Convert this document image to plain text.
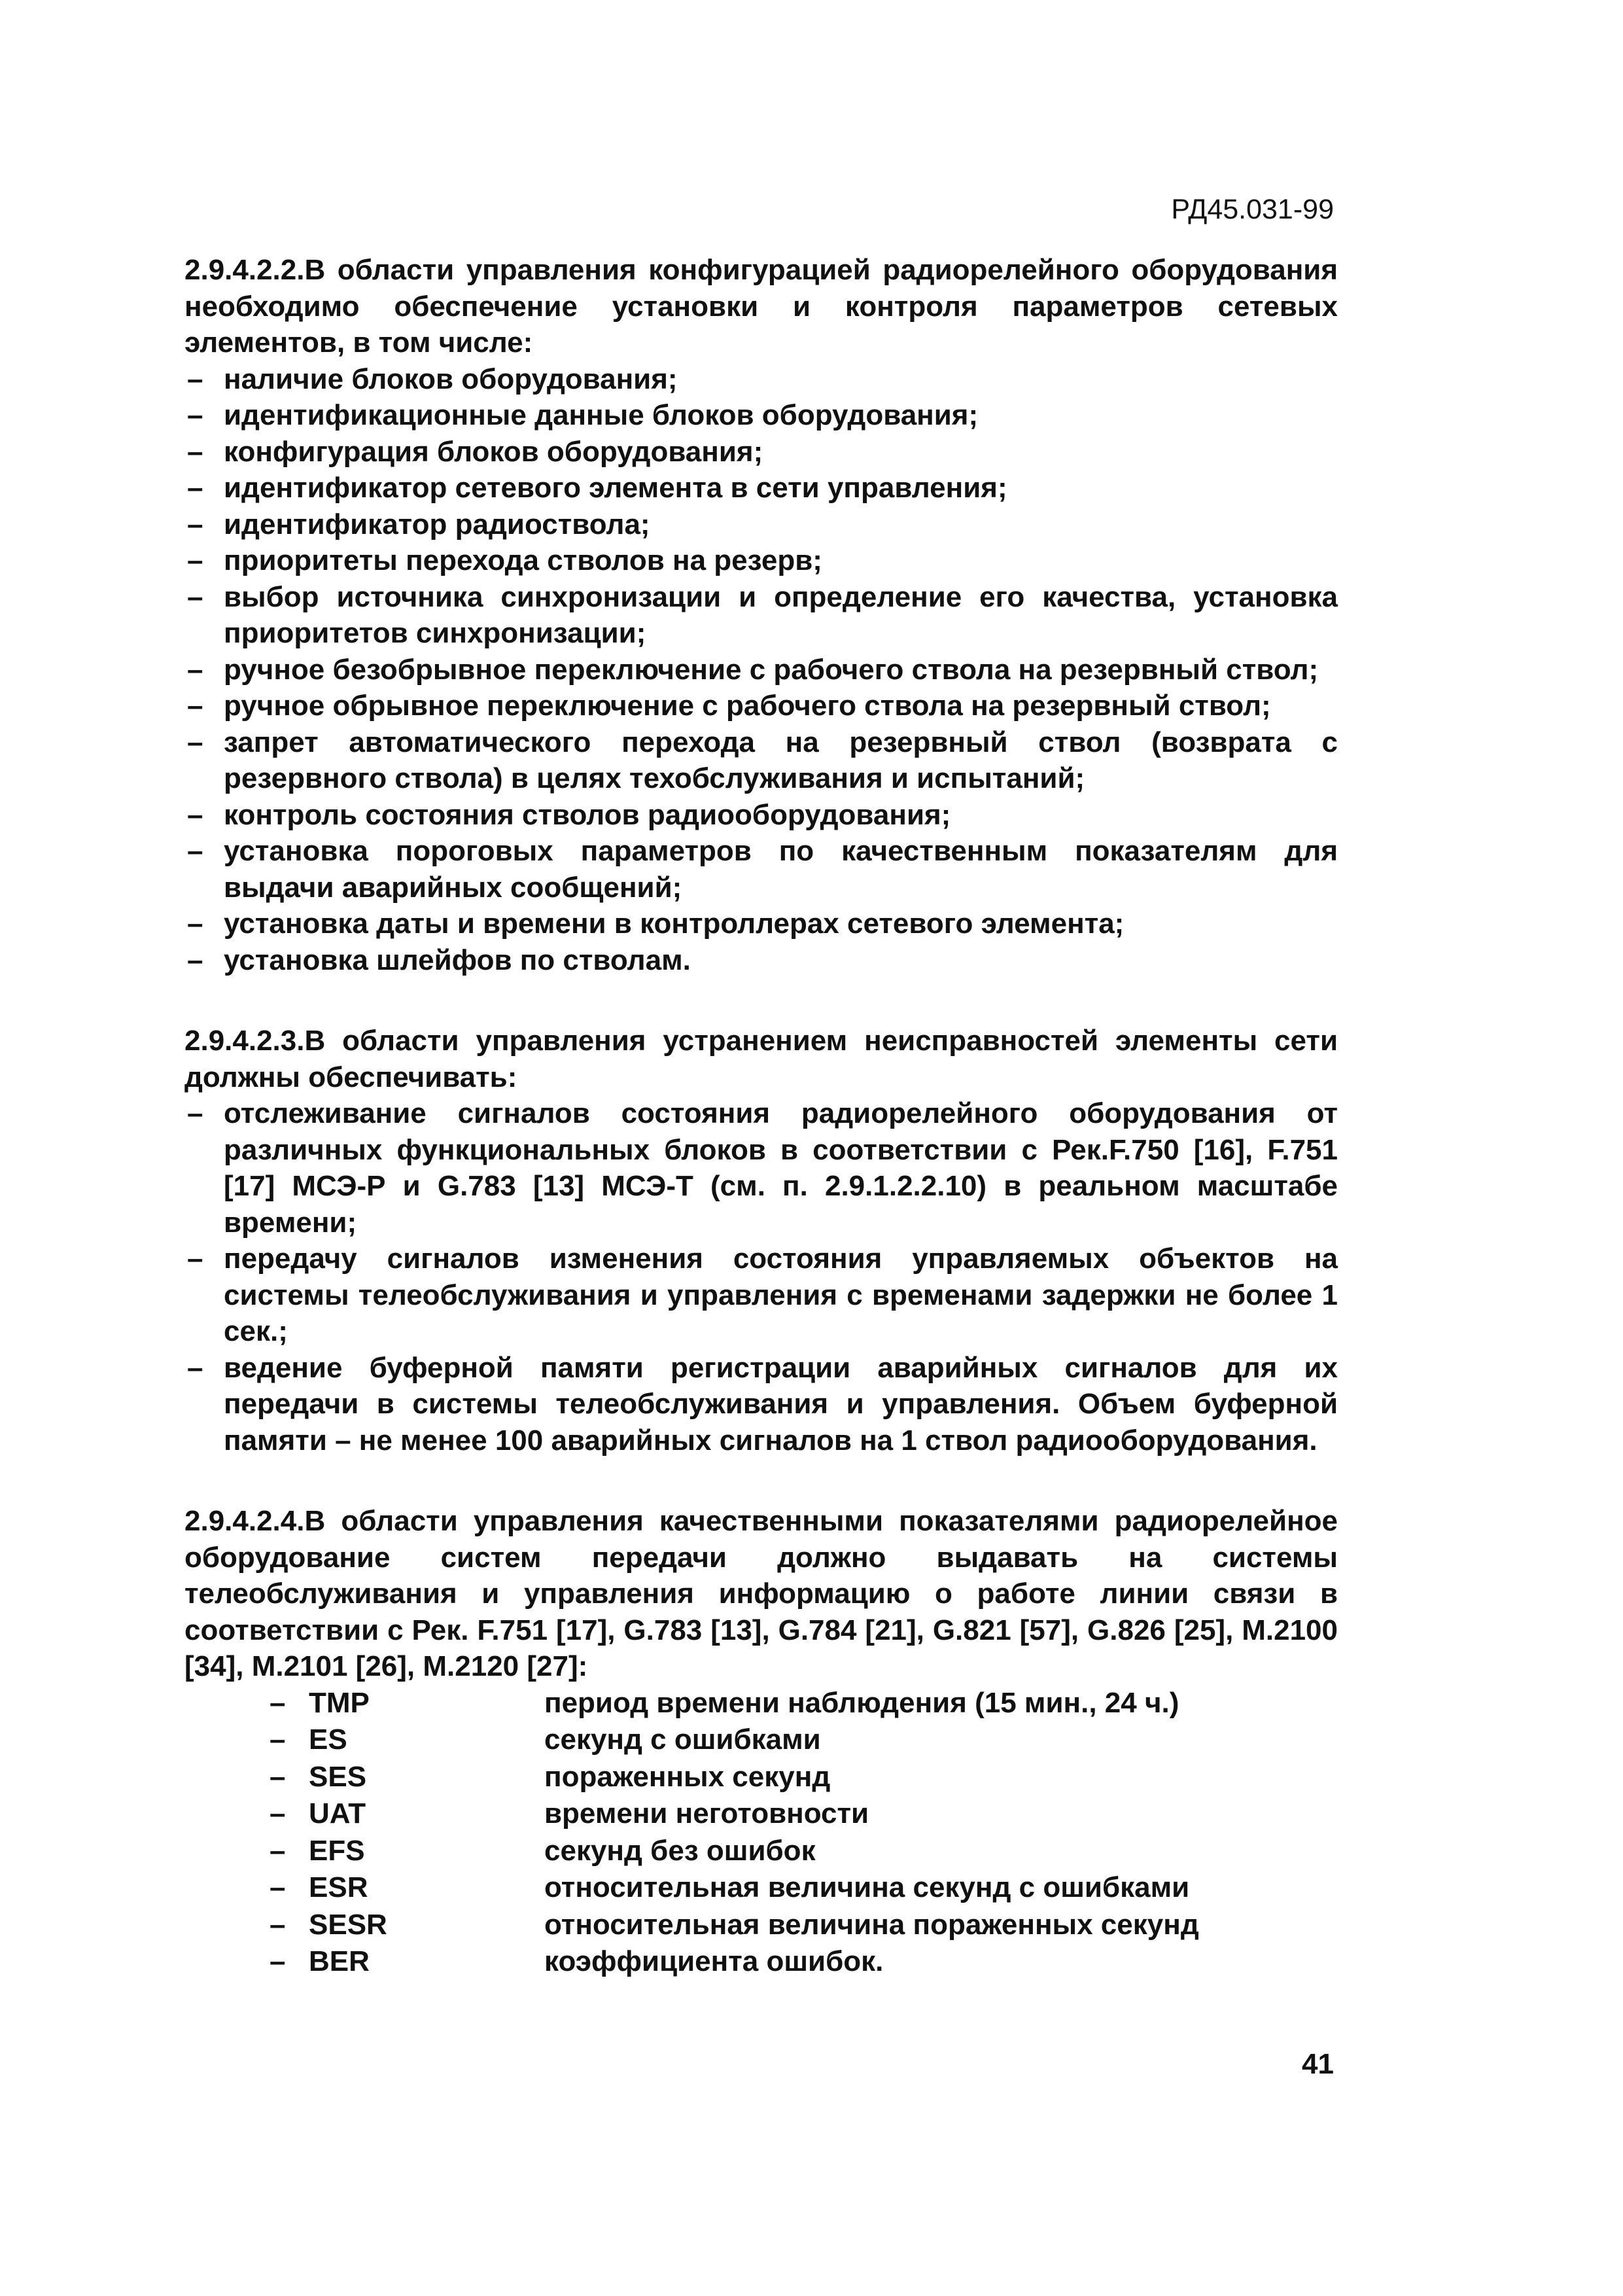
РД45.031-99

2.9.4.2.2.В области управления конфигурацией радиорелейного оборудования необходимо обеспечение установки и контроля параметров сетевых элементов, в том числе:

– наличие блоков оборудования;
– идентификационные данные блоков оборудования;
– конфигурация блоков оборудования;
– идентификатор сетевого элемента в сети управления;
– идентификатор радиоствола;
– приоритеты перехода стволов на резерв;
– выбор источника синхронизации и определение его качества, установка приоритетов синхронизации;
– ручное безобрывное переключение с рабочего ствола на резервный ствол;
– ручное обрывное переключение с рабочего ствола на резервный ствол;
– запрет автоматического перехода на резервный ствол (возврата с резервного ствола) в целях техобслуживания и испытаний;
– контроль состояния стволов радиооборудования;
– установка пороговых параметров по качественным показателям для выдачи аварийных сообщений;
– установка даты и времени в контроллерах сетевого элемента;
– установка шлейфов по стволам.

2.9.4.2.3.В области управления устранением неисправностей элементы сети должны обеспечивать:

– отслеживание сигналов состояния радиорелейного оборудования от различных функциональных блоков в соответствии с Рек.F.750 [16], F.751 [17] МСЭ-Р и G.783 [13] МСЭ-Т (см. п. 2.9.1.2.2.10) в реальном масштабе времени;
– передачу сигналов изменения состояния управляемых объектов на системы телеобслуживания и управления с временами задержки не более 1 сек.;
– ведение буферной памяти регистрации аварийных сигналов для их передачи в системы телеобслуживания и управления. Объем буферной памяти – не менее 100 аварийных сигналов на 1 ствол радиооборудования.

2.9.4.2.4.В области управления качественными показателями радиорелейное оборудование систем передачи должно выдавать на системы телеобслуживания и управления информацию о работе линии связи в соответствии с Рек. F.751 [17], G.783 [13], G.784 [21], G.821 [57], G.826 [25], M.2100 [34], M.2101 [26], M.2120 [27]:

– TMP	период времени наблюдения (15 мин., 24 ч.)
– ES	секунд с ошибками
– SES	пораженных секунд
– UAT	времени неготовности
– EFS	секунд без ошибок
– ESR	относительная величина секунд с ошибками
– SESR	относительная величина пораженных секунд
– BER	коэффициента ошибок.
41
